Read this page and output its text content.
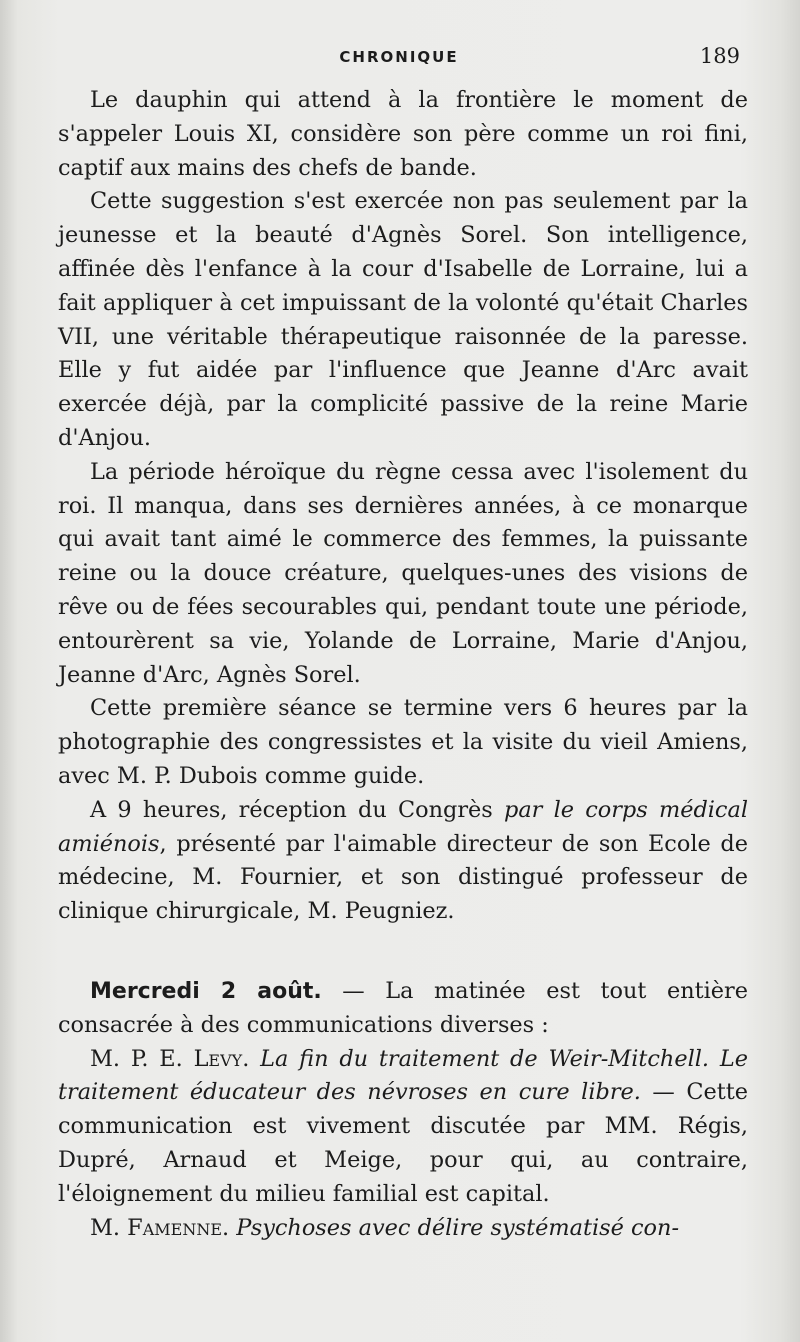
CHRONIQUE	189

Le dauphin qui attend à la frontière le moment de s'appeler Louis XI, considère son père comme un roi fini, captif aux mains des chefs de bande.

Cette suggestion s'est exercée non pas seulement par la jeunesse et la beauté d'Agnès Sorel. Son intelligence, affinée dès l'enfance à la cour d'Isabelle de Lorraine, lui a fait appliquer à cet impuissant de la volonté qu'était Charles VII, une véritable thérapeutique raisonnée de la paresse. Elle y fut aidée par l'influence que Jeanne d'Arc avait exercée déjà, par la complicité passive de la reine Marie d'Anjou.

La période héroïque du règne cessa avec l'isolement du roi. Il manqua, dans ses dernières années, à ce monarque qui avait tant aimé le commerce des femmes, la puissante reine ou la douce créature, quelques-unes des visions de rêve ou de fées secourables qui, pendant toute une période, entourèrent sa vie, Yolande de Lorraine, Marie d'Anjou, Jeanne d'Arc, Agnès Sorel.

Cette première séance se termine vers 6 heures par la photographie des congressistes et la visite du vieil Amiens, avec M. P. Dubois comme guide.

A 9 heures, réception du Congrès par le corps médical amiénois, présenté par l'aimable directeur de son Ecole de médecine, M. Fournier, et son distingué professeur de clinique chirurgicale, M. Peugniez.

Mercredi 2 août. — La matinée est tout entière consacrée à des communications diverses :

M. P. E. Levy. La fin du traitement de Weir-Mitchell. Le traitement éducateur des névroses en cure libre. — Cette communication est vivement discutée par MM. Régis, Dupré, Arnaud et Meige, pour qui, au contraire, l'éloignement du milieu familial est capital.

M. Famenne. Psychoses avec délire systématisé con-
